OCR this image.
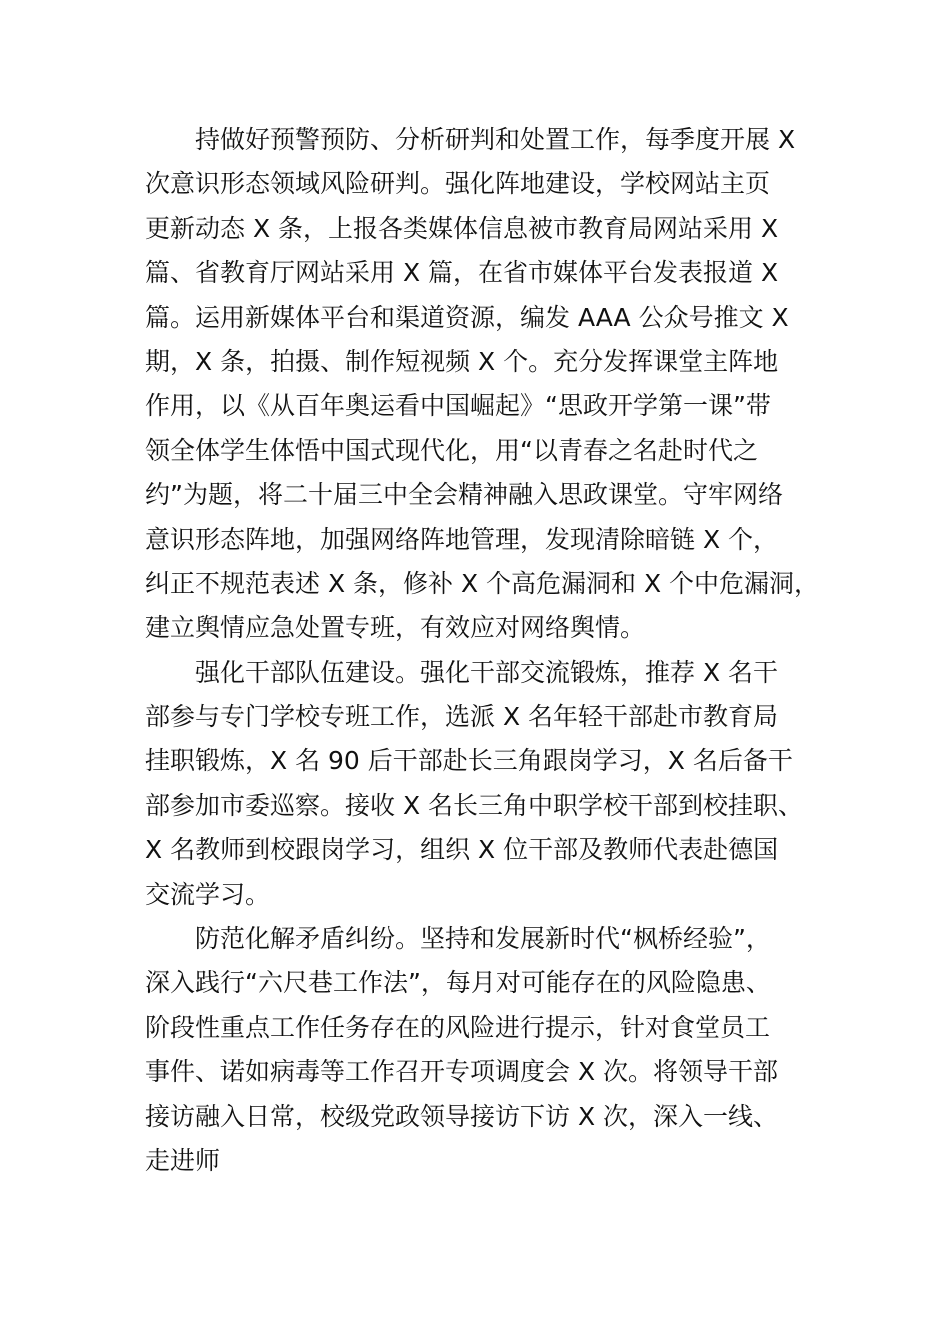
　　持做好预警预防、分析研判和处置工作，每季度开展 X
次意识形态领域风险研判。强化阵地建设，学校网站主页
更新动态 X 条，上报各类媒体信息被市教育局网站采用 X
篇、省教育厅网站采用 X 篇，在省市媒体平台发表报道 X
篇。运用新媒体平台和渠道资源，编发 AAA 公众号推文 X
期，X 条，拍摄、制作短视频 X 个。充分发挥课堂主阵地
作用，以《从百年奥运看中国崛起》“思政开学第一课”带
领全体学生体悟中国式现代化，用“以青春之名赴时代之
约”为题，将二十届三中全会精神融入思政课堂。守牢网络
意识形态阵地，加强网络阵地管理，发现清除暗链 X 个，
纠正不规范表述 X 条，修补 X 个高危漏洞和 X 个中危漏洞，
建立舆情应急处置专班，有效应对网络舆情。
　　强化干部队伍建设。强化干部交流锻炼，推荐 X 名干
部参与专门学校专班工作，选派 X 名年轻干部赴市教育局
挂职锻炼，X 名 90 后干部赴长三角跟岗学习，X 名后备干
部参加市委巡察。接收 X 名长三角中职学校干部到校挂职、
X 名教师到校跟岗学习，组织 X 位干部及教师代表赴德国
交流学习。
　　防范化解矛盾纠纷。坚持和发展新时代“枫桥经验”，
深入践行“六尺巷工作法”，每月对可能存在的风险隐患、
阶段性重点工作任务存在的风险进行提示，针对食堂员工
事件、诺如病毒等工作召开专项调度会 X 次。将领导干部
接访融入日常，校级党政领导接访下访 X 次，深入一线、
走进师
